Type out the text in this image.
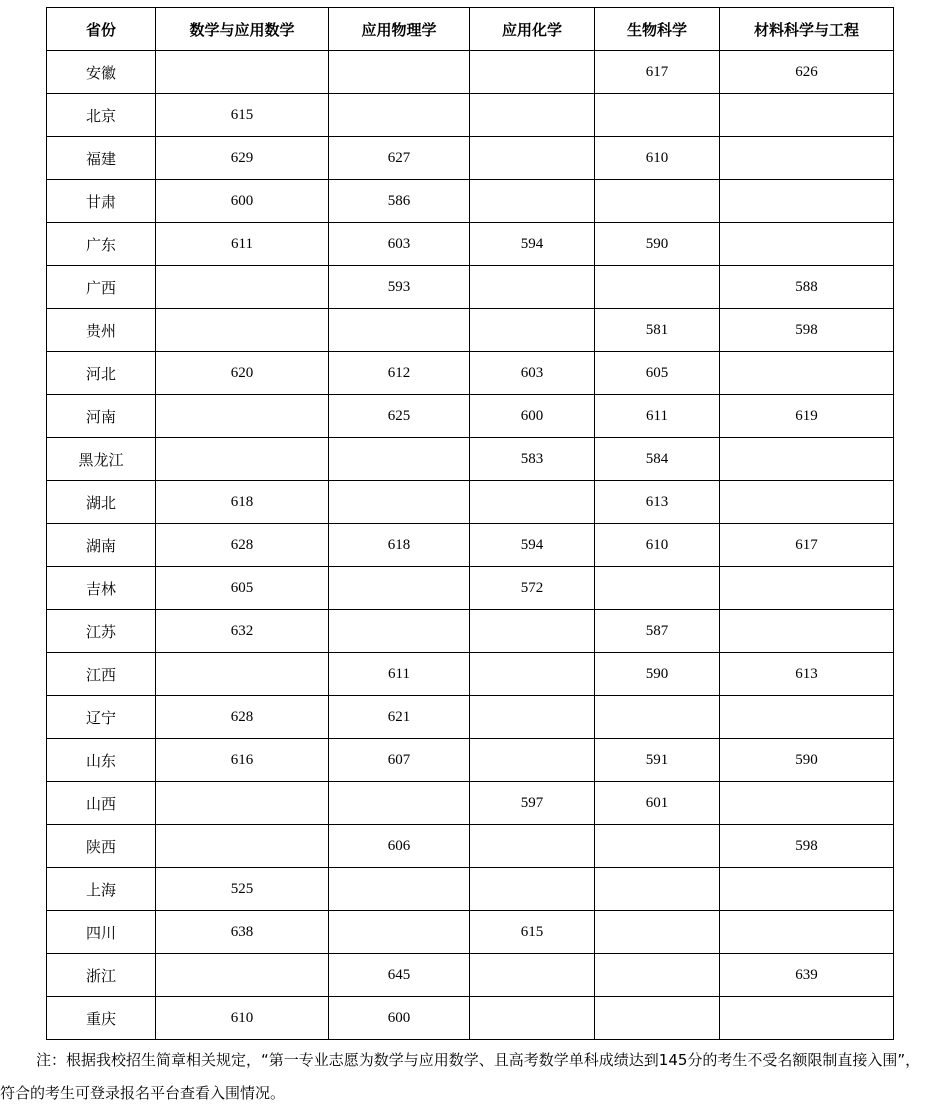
省份	数学与应用数学	应用物理学	应用化学	生物科学	材料科学与工程
安徽				617	626
北京	615				
福建	629	627		610	
甘肃	600	586			
广东	611	603	594	590	
广西		593			588
贵州				581	598
河北	620	612	603	605	
河南		625	600	611	619
黑龙江			583	584	
湖北	618			613	
湖南	628	618	594	610	617
吉林	605		572		
江苏	632			587	
江西		611		590	613
辽宁	628	621			
山东	616	607		591	590
山西			597	601	
陕西		606			598
上海	525				
四川	638		615		
浙江		645			639
重庆	610	600			
注：根据我校招生简章相关规定，“第一专业志愿为数学与应用数学、且高考数学单科成绩达到145分的考生不受名额限制直接入围”，符合的考生可登录报名平台查看入围情况。
